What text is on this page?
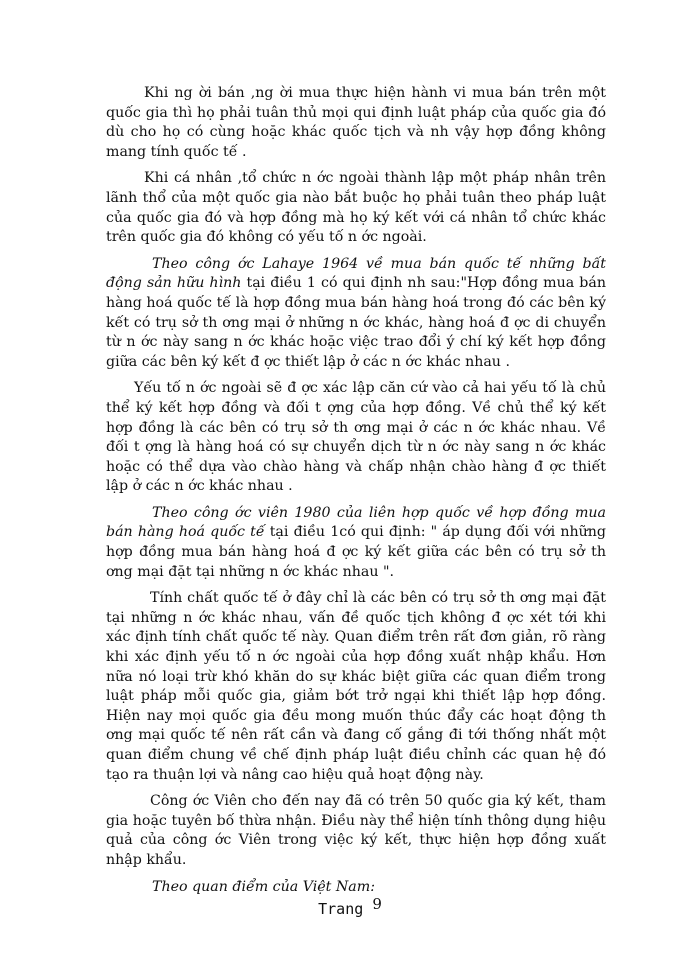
Khi ng ời bán ,ng ời mua thực hiện hành vi mua bán trên một quốc gia thì họ phải tuân thủ mọi qui định luật pháp của quốc gia đó dù cho họ có cùng hoặc khác quốc tịch và nh vậy hợp đồng không mang tính quốc tế .

Khi cá nhân ,tổ chức n ớc ngoài thành lập một pháp nhân trên lãnh thổ của một quốc gia nào bắt buộc họ phải tuân theo pháp luật của quốc gia đó và hợp đồng mà họ ký kết với cá nhân tổ chức khác trên quốc gia đó không có yếu tố n ớc ngoài.

Theo công ớc Lahaye 1964 về mua bán quốc tế những bất động sản hữu hình tại điều 1 có qui định nh sau:"Hợp đồng mua bán hàng hoá quốc tế là hợp đồng mua bán hàng hoá trong đó các bên ký kết có trụ sở th ơng mại ở những n ớc khác, hàng hoá đ ợc di chuyển từ n ớc này sang n ớc khác hoặc việc trao đổi ý chí ký kết hợp đồng giữa các bên ký kết đ ợc thiết lập ở các n ớc khác nhau .

Yếu tố n ớc ngoài sẽ đ ợc xác lập căn cứ vào cả hai yếu tố là chủ thể ký kết hợp đồng và đối t ợng của hợp đồng. Về chủ thể ký kết hợp đồng là các bên có trụ sở th ơng mại ở các n ớc khác nhau. Về đối t ợng là hàng hoá có sự chuyển dịch từ n ớc này sang n ớc khác hoặc có thể dựa vào chào hàng và chấp nhận chào hàng đ ợc thiết lập ở các n ớc khác nhau .

Theo công ớc viên 1980 của liên hợp quốc về hợp đồng mua bán hàng hoá quốc tế tại điều 1có qui định: " áp dụng đối với những hợp đồng mua bán hàng hoá đ ợc ký kết giữa các bên có trụ sở th ơng mại đặt tại những n ớc khác nhau ".

Tính chất quốc tế ở đây chỉ là các bên có trụ sở th ơng mại đặt tại những n ớc khác nhau, vấn đề quốc tịch không đ ợc xét tới khi xác định tính chất quốc tế này. Quan điểm trên rất đơn giản, rõ ràng khi xác định yếu tố n ớc ngoài của hợp đồng xuất nhập khẩu. Hơn nữa nó loại trừ khó khăn do sự khác biệt giữa các quan điểm trong luật pháp mỗi quốc gia, giảm bớt trở ngại khi thiết lập hợp đồng. Hiện nay mọi quốc gia đều mong muốn thúc đẩy các hoạt động th ơng mại quốc tế nên rất cần và đang cố gắng đi tới thống nhất một quan điểm chung về chế định pháp luật điều chỉnh các quan hệ đó tạo ra thuận lợi và nâng cao hiệu quả hoạt động này.

Công ớc Viên cho đến nay đã có trên 50 quốc gia ký kết, tham gia hoặc tuyên bố thừa nhận. Điều này thể hiện tính thông dụng hiệu quả của công ớc Viên trong việc ký kết, thực hiện hợp đồng xuất nhập khẩu.

Theo quan điểm của Việt Nam:

Trang 9
